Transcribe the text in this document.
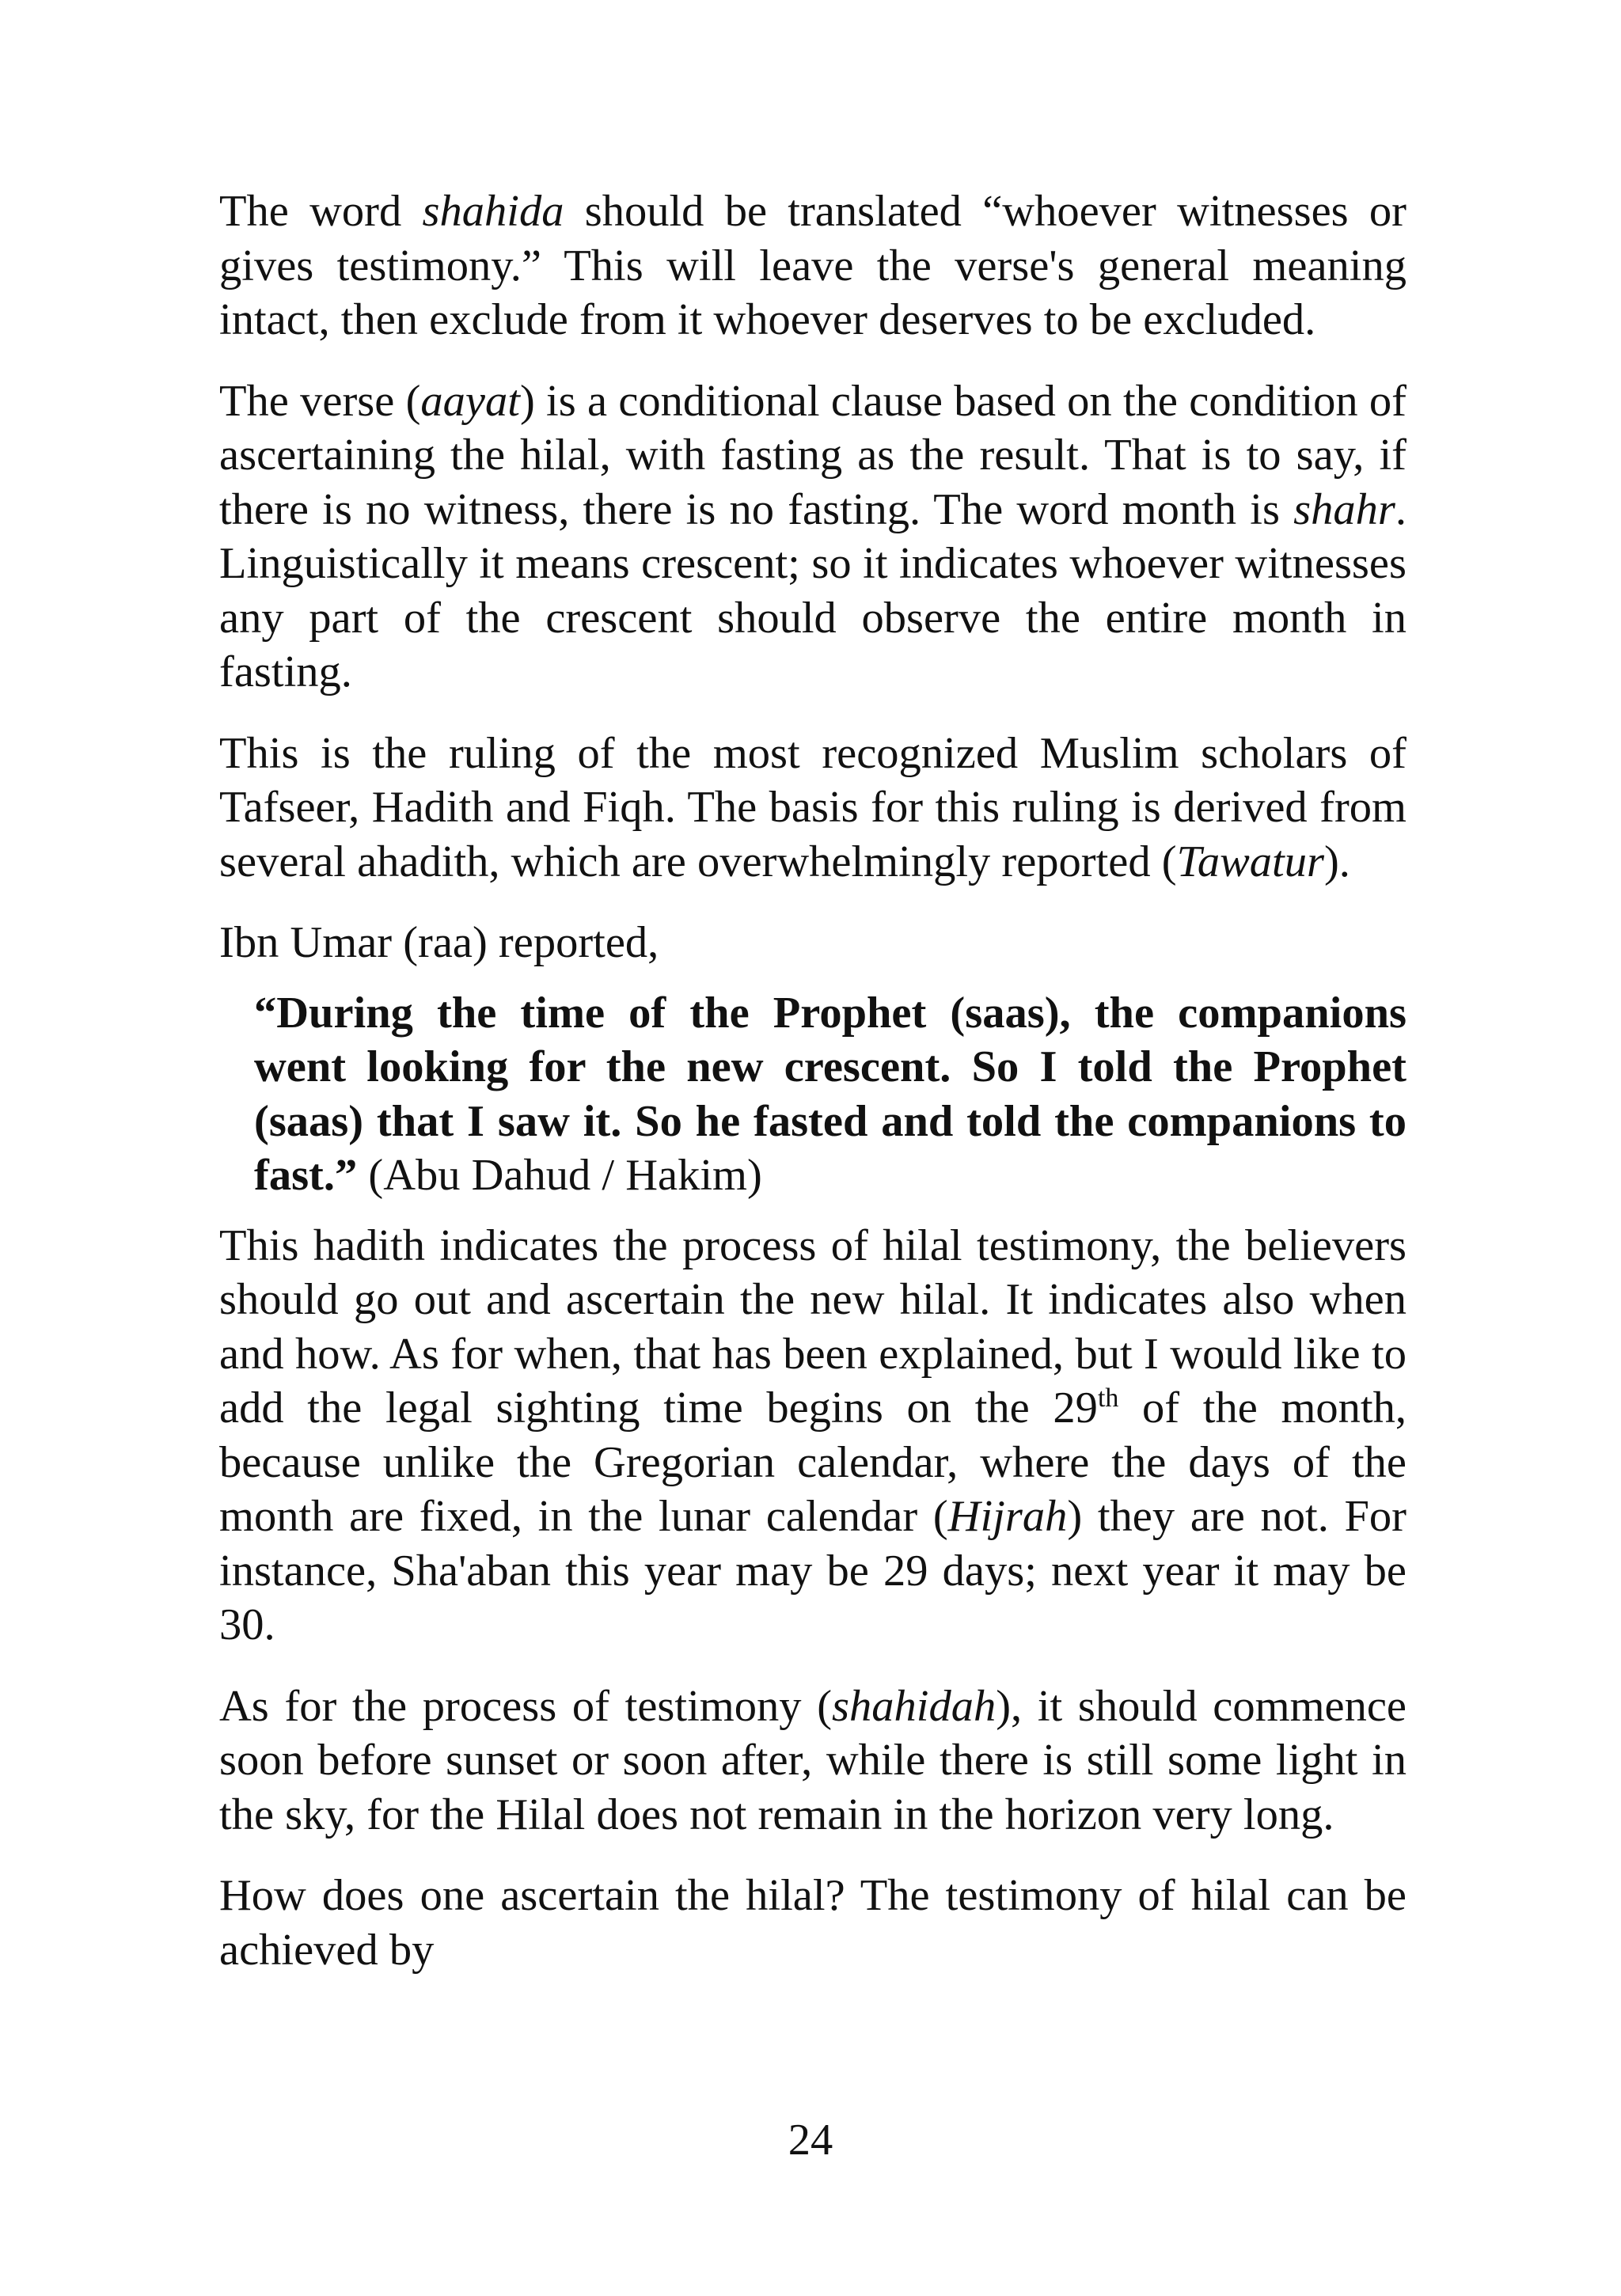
The word shahida should be translated “whoever witnesses or gives testimony.” This will leave the verse's general meaning intact, then exclude from it whoever deserves to be excluded.

The verse (aayat) is a conditional clause based on the condition of ascertaining the hilal, with fasting as the result. That is to say, if there is no witness, there is no fasting. The word month is shahr. Linguistically it means crescent; so it indicates whoever witnesses any part of the crescent should observe the entire month in fasting.

This is the ruling of the most recognized Muslim scholars of Tafseer, Hadith and Fiqh. The basis for this ruling is derived from several ahadith, which are overwhelmingly reported (Tawatur).

Ibn Umar (raa) reported,

“During the time of the Prophet (saas), the companions went looking for the new crescent. So I told the Prophet (saas) that I saw it. So he fasted and told the companions to fast.” (Abu Dahud / Hakim)

This hadith indicates the process of hilal testimony, the believers should go out and ascertain the new hilal. It indicates also when and how. As for when, that has been explained, but I would like to add the legal sighting time begins on the 29th of the month, because unlike the Gregorian calendar, where the days of the month are fixed, in the lunar calendar (Hijrah) they are not. For instance, Sha'aban this year may be 29 days; next year it may be 30.

As for the process of testimony (shahidah), it should commence soon before sunset or soon after, while there is still some light in the sky, for the Hilal does not remain in the horizon very long.

How does one ascertain the hilal? The testimony of hilal can be achieved by

24
